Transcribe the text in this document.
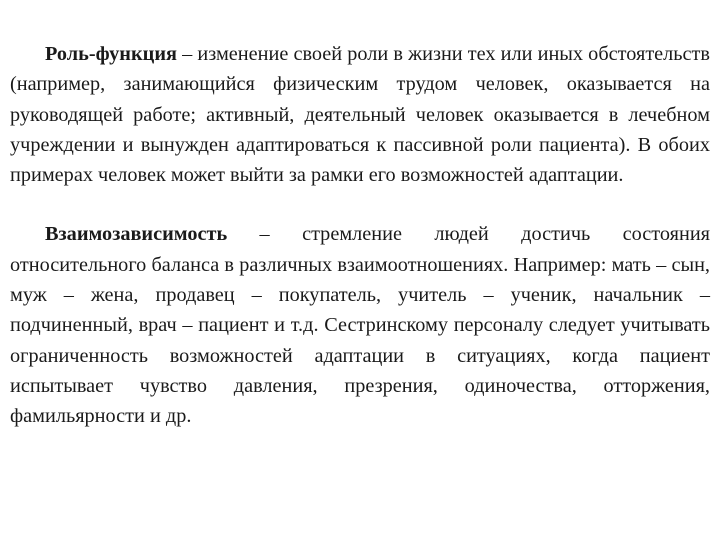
Роль-функция – изменение своей роли в жизни тех или иных обстоятельств (например, занимающийся физическим трудом человек, оказывается на руководящей работе; активный, деятельный человек оказывается в лечебном учреждении и вынужден адаптироваться к пассивной роли пациента). В обоих примерах человек может выйти за рамки его возможностей адаптации.

Взаимозависимость – стремление людей достичь состояния относительного баланса в различных взаимоотношениях. Например: мать – сын, муж – жена, продавец – покупатель, учитель – ученик, начальник – подчиненный, врач – пациент и т.д. Сестринскому персоналу следует учитывать ограниченность возможностей адаптации в ситуациях, когда пациент испытывает чувство давления, презрения, одиночества, отторжения, фамильярности и др.
